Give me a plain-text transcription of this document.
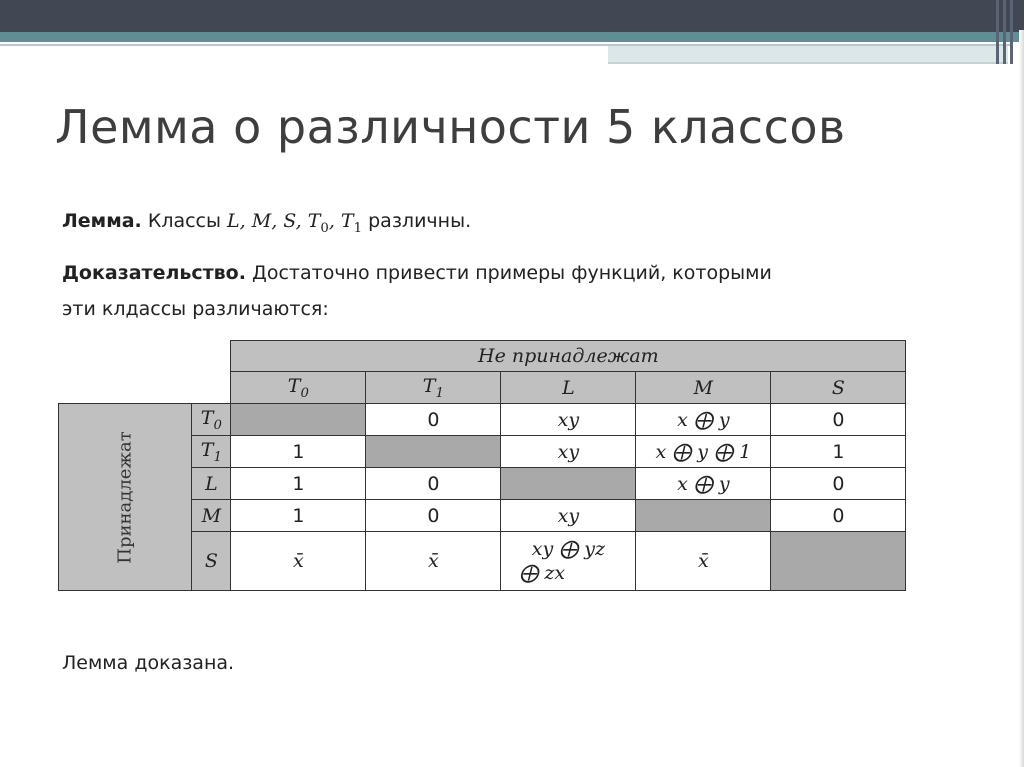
Лемма о различности 5 классов
Лемма. Классы L, M, S, $T_0$, $T_1$ различны.
Доказательство. Достаточно привести примеры функций, которыми
эти клдассы различаются:
		Не принадлежат				
		$T_0$	$T_1$	L	M	S
Принадлежат	$T_0$		0	xy	x ⨁ y	0
	$T_1$	1		xy	x ⨁ y ⨁ 1	1
	L	1	0		x ⨁ y	0
	M	1	0	xy		0
	S	x̄	x̄	xy ⨁ yz
⨁ zx	x̄	
Лемма доказана.
